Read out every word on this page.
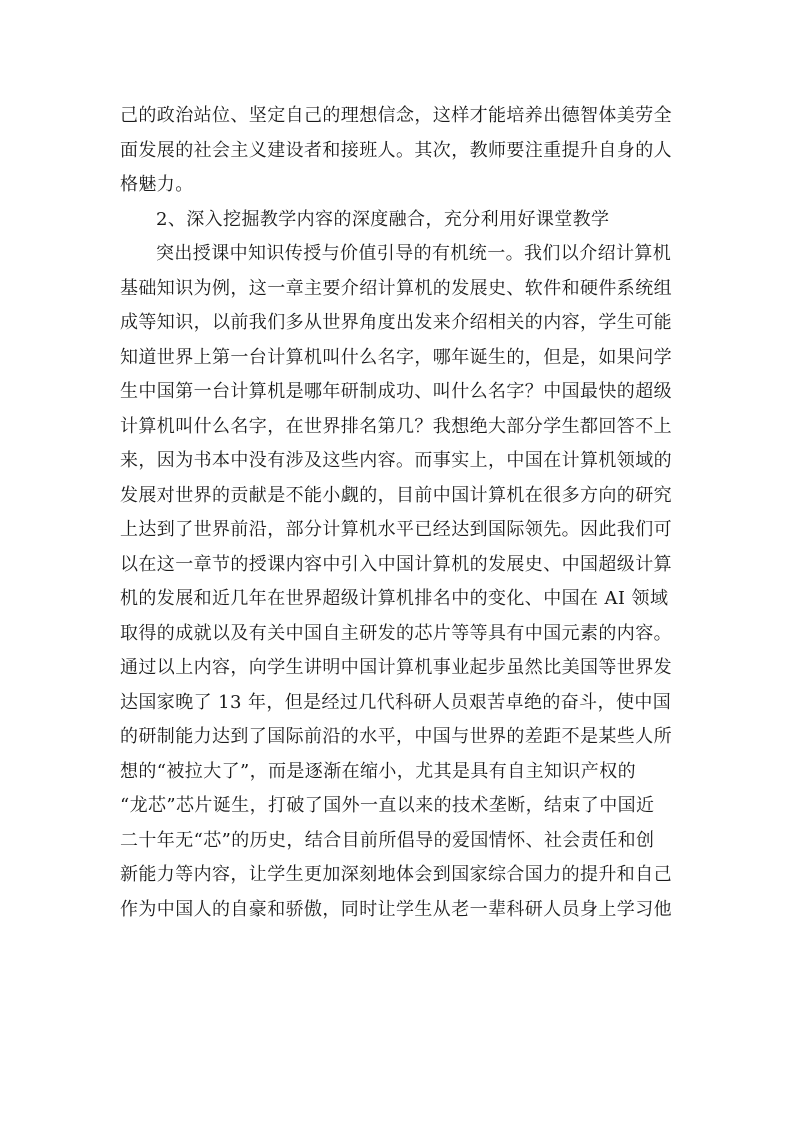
己的政治站位、坚定自己的理想信念，这样才能培养出德智体美劳全
面发展的社会主义建设者和接班人。其次，教师要注重提升自身的人
格魅力。
2、深入挖掘教学内容的深度融合，充分利用好课堂教学
突出授课中知识传授与价值引导的有机统一。我们以介绍计算机
基础知识为例，这一章主要介绍计算机的发展史、软件和硬件系统组
成等知识，以前我们多从世界角度出发来介绍相关的内容，学生可能
知道世界上第一台计算机叫什么名字，哪年诞生的，但是，如果问学
生中国第一台计算机是哪年研制成功、叫什么名字？中国最快的超级
计算机叫什么名字，在世界排名第几？我想绝大部分学生都回答不上
来，因为书本中没有涉及这些内容。而事实上，中国在计算机领域的
发展对世界的贡献是不能小觑的，目前中国计算机在很多方向的研究
上达到了世界前沿，部分计算机水平已经达到国际领先。因此我们可
以在这一章节的授课内容中引入中国计算机的发展史、中国超级计算
机的发展和近几年在世界超级计算机排名中的变化、中国在 AI 领域
取得的成就以及有关中国自主研发的芯片等等具有中国元素的内容。
通过以上内容，向学生讲明中国计算机事业起步虽然比美国等世界发
达国家晚了 13 年，但是经过几代科研人员艰苦卓绝的奋斗，使中国
的研制能力达到了国际前沿的水平，中国与世界的差距不是某些人所
想的“被拉大了”，而是逐渐在缩小，尤其是具有自主知识产权的
“龙芯”芯片诞生，打破了国外一直以来的技术垄断，结束了中国近
二十年无“芯”的历史，结合目前所倡导的爱国情怀、社会责任和创
新能力等内容，让学生更加深刻地体会到国家综合国力的提升和自己
作为中国人的自豪和骄傲，同时让学生从老一辈科研人员身上学习他
